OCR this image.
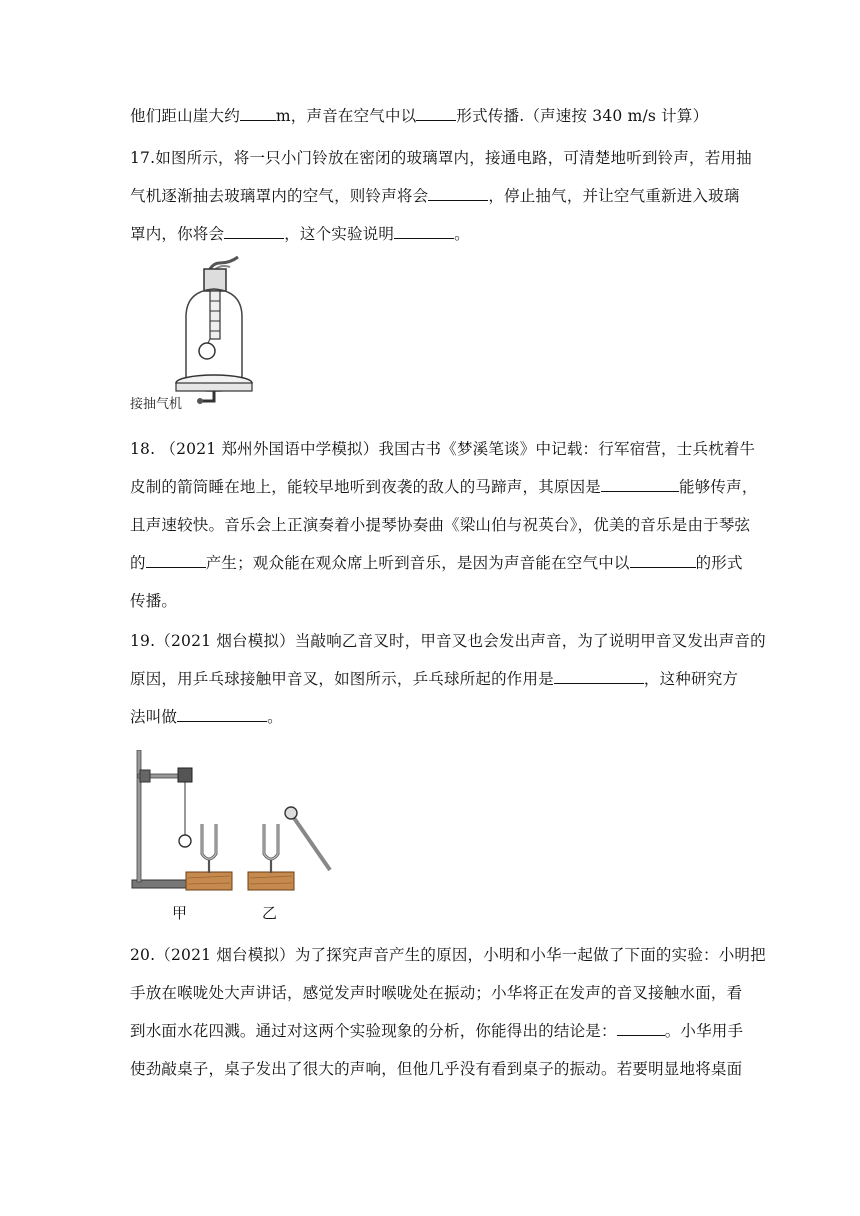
他们距山崖大约 m，声音在空气中以	形式传播.（声速按 340 m/s 计算）
17.如图所示，将一只小门铃放在密闭的玻璃罩内，接通电路，可清楚地听到铃声，若用抽
气机逐渐抽去玻璃罩内的空气，则铃声将会	，停止抽气，并让空气重新进入玻璃
罩内，你将会	，这个实验说明	。
接抽气机
18. （2021 郑州外国语中学模拟）我国古书《梦溪笔谈》中记载：行军宿营，士兵枕着牛
皮制的箭筒睡在地上，能较早地听到夜袭的敌人的马蹄声，其原因是	能够传声，
且声速较快。音乐会上正演奏着小提琴协奏曲《梁山伯与祝英台》，优美的音乐是由于琴弦
的	产生；观众能在观众席上听到音乐，是因为声音能在空气中以	的形式
传播。
19.（2021 烟台模拟）当敲响乙音叉时，甲音叉也会发出声音，为了说明甲音叉发出声音的
原因，用乒乓球接触甲音叉，如图所示，乒乓球所起的作用是	，这种研究方
法叫做	。
甲	乙
20.（2021 烟台模拟）为了探究声音产生的原因，小明和小华一起做了下面的实验：小明把
手放在喉咙处大声讲话，感觉发声时喉咙处在振动；小华将正在发声的音叉接触水面，看
到水面水花四溅。通过对这两个实验现象的分析，你能得出的结论是：	。小华用手
使劲敲桌子，桌子发出了很大的声响，但他几乎没有看到桌子的振动。若要明显地将桌面
